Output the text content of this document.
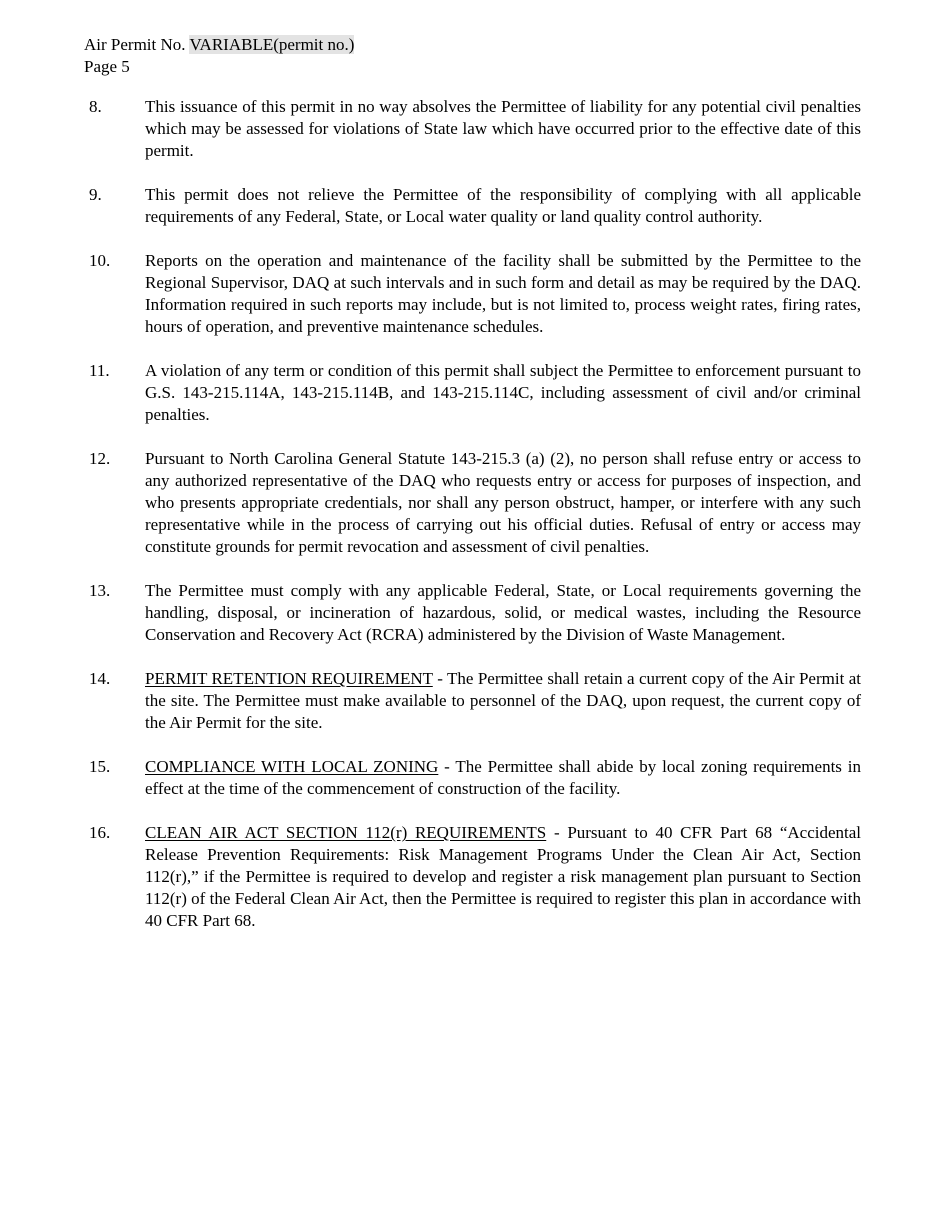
Air Permit No. VARIABLE(permit no.)
Page 5
8.	This issuance of this permit in no way absolves the Permittee of liability for any potential civil penalties which may be assessed for violations of State law which have occurred prior to the effective date of this permit.
9.	This permit does not relieve the Permittee of the responsibility of complying with all applicable requirements of any Federal, State, or Local water quality or land quality control authority.
10.	Reports on the operation and maintenance of the facility shall be submitted by the Permittee to the Regional Supervisor, DAQ at such intervals and in such form and detail as may be required by the DAQ. Information required in such reports may include, but is not limited to, process weight rates, firing rates, hours of operation, and preventive maintenance schedules.
11.	A violation of any term or condition of this permit shall subject the Permittee to enforcement pursuant to G.S. 143-215.114A, 143-215.114B, and 143-215.114C, including assessment of civil and/or criminal penalties.
12.	Pursuant to North Carolina General Statute 143-215.3 (a) (2), no person shall refuse entry or access to any authorized representative of the DAQ who requests entry or access for purposes of inspection, and who presents appropriate credentials, nor shall any person obstruct, hamper, or interfere with any such representative while in the process of carrying out his official duties. Refusal of entry or access may constitute grounds for permit revocation and assessment of civil penalties.
13.	The Permittee must comply with any applicable Federal, State, or Local requirements governing the handling, disposal, or incineration of hazardous, solid, or medical wastes, including the Resource Conservation and Recovery Act (RCRA) administered by the Division of Waste Management.
14.	PERMIT RETENTION REQUIREMENT - The Permittee shall retain a current copy of the Air Permit at the site. The Permittee must make available to personnel of the DAQ, upon request, the current copy of the Air Permit for the site.
15.	COMPLIANCE WITH LOCAL ZONING - The Permittee shall abide by local zoning requirements in effect at the time of the commencement of construction of the facility.
16.	CLEAN AIR ACT SECTION 112(r) REQUIREMENTS - Pursuant to 40 CFR Part 68 “Accidental Release Prevention Requirements: Risk Management Programs Under the Clean Air Act, Section 112(r),” if the Permittee is required to develop and register a risk management plan pursuant to Section 112(r) of the Federal Clean Air Act, then the Permittee is required to register this plan in accordance with 40 CFR Part 68.
